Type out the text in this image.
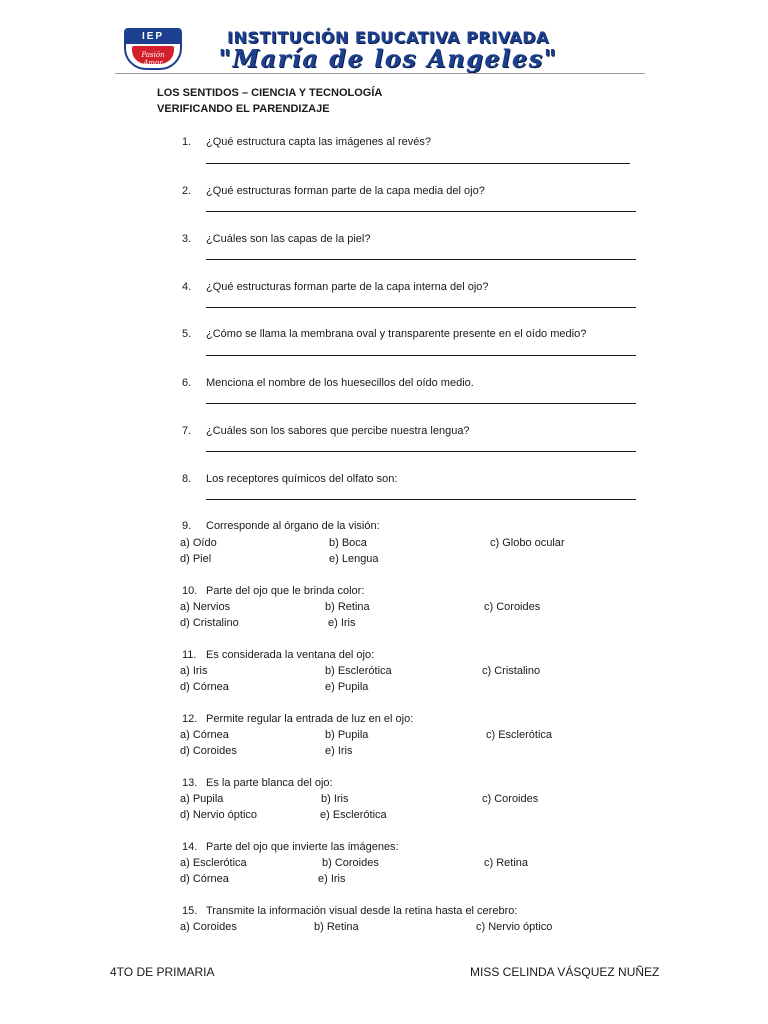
IEP
Pasión Amor
INSTITUCIÓN EDUCATIVA PRIVADA
"María de los Angeles"
LOS SENTIDOS – CIENCIA Y TECNOLOGÍA
VERIFICANDO EL PARENDIZAJE
1. ¿Qué estructura capta las imágenes al revés?
2. ¿Qué estructuras forman parte de la capa media del ojo?
3. ¿Cuáles son las capas de la piel?
4. ¿Qué estructuras forman parte de la capa interna del ojo?
5. ¿Cómo se llama la membrana oval y transparente presente en el oído medio?
6. Menciona el nombre de los huesecillos del oído medio.
7. ¿Cuáles son los sabores que percibe nuestra lengua?
8. Los receptores químicos del olfato son:
9. Corresponde al órgano de la visión:
a) Oído	b) Boca	c) Globo ocular
d) Piel	e) Lengua
10. Parte del ojo que le brinda color:
a) Nervios	b) Retina	c) Coroides
d) Cristalino	e) Iris
11. Es considerada la ventana del ojo:
a) Iris	b) Esclerótica	c) Cristalino
d) Córnea	e) Pupila
12. Permite regular la entrada de luz en el ojo:
a) Córnea	b) Pupila	c) Esclerótica
d) Coroides	e) Iris
13. Es la parte blanca del ojo:
a) Pupila	b) Iris	c) Coroides
d) Nervio óptico	e) Esclerótica
14. Parte del ojo que invierte las imágenes:
a) Esclerótica	b) Coroides	c) Retina
d) Córnea	e) Iris
15. Transmite la información visual desde la retina hasta el cerebro:
a) Coroides	b) Retina	c) Nervio óptico
4TO DE PRIMARIA	MISS CELINDA VÁSQUEZ NUÑEZ
